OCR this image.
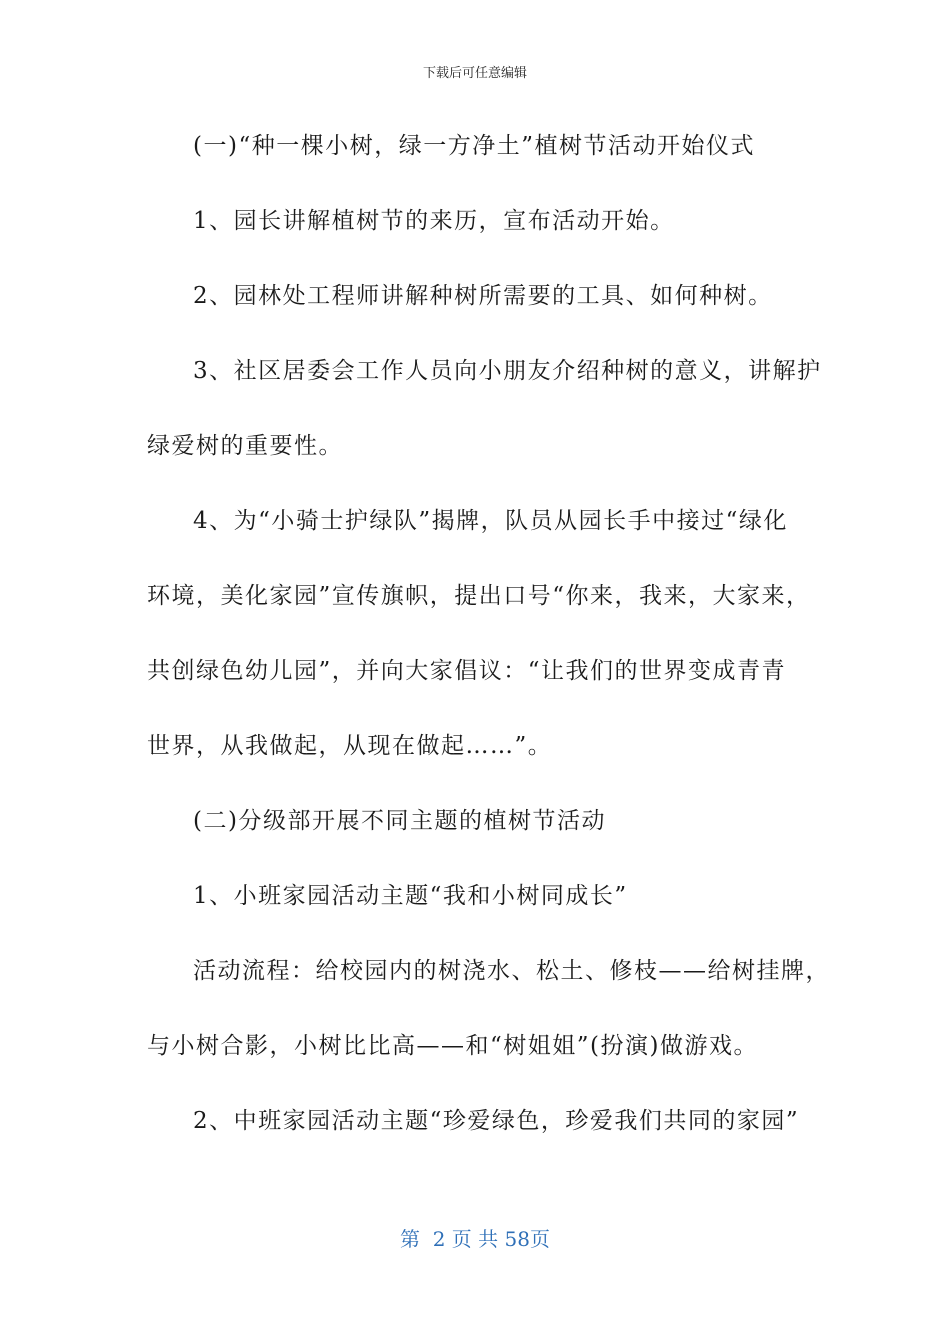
下载后可任意编辑
(一)“种一棵小树，绿一方净土”植树节活动开始仪式
1、园长讲解植树节的来历，宣布活动开始。
2、园林处工程师讲解种树所需要的工具、如何种树。
3、社区居委会工作人员向小朋友介绍种树的意义，讲解护
绿爱树的重要性。
4、为“小骑士护绿队”揭牌，队员从园长手中接过“绿化
环境，美化家园”宣传旗帜，提出口号“你来，我来，大家来，
共创绿色幼儿园”，并向大家倡议：“让我们的世界变成青青
世界，从我做起，从现在做起……”。
(二)分级部开展不同主题的植树节活动
1、小班家园活动主题“我和小树同成长”
活动流程：给校园内的树浇水、松土、修枝——给树挂牌，
与小树合影，小树比比高——和“树姐姐”(扮演)做游戏。
2、中班家园活动主题“珍爱绿色，珍爱我们共同的家园”
第  2 页 共 58页
